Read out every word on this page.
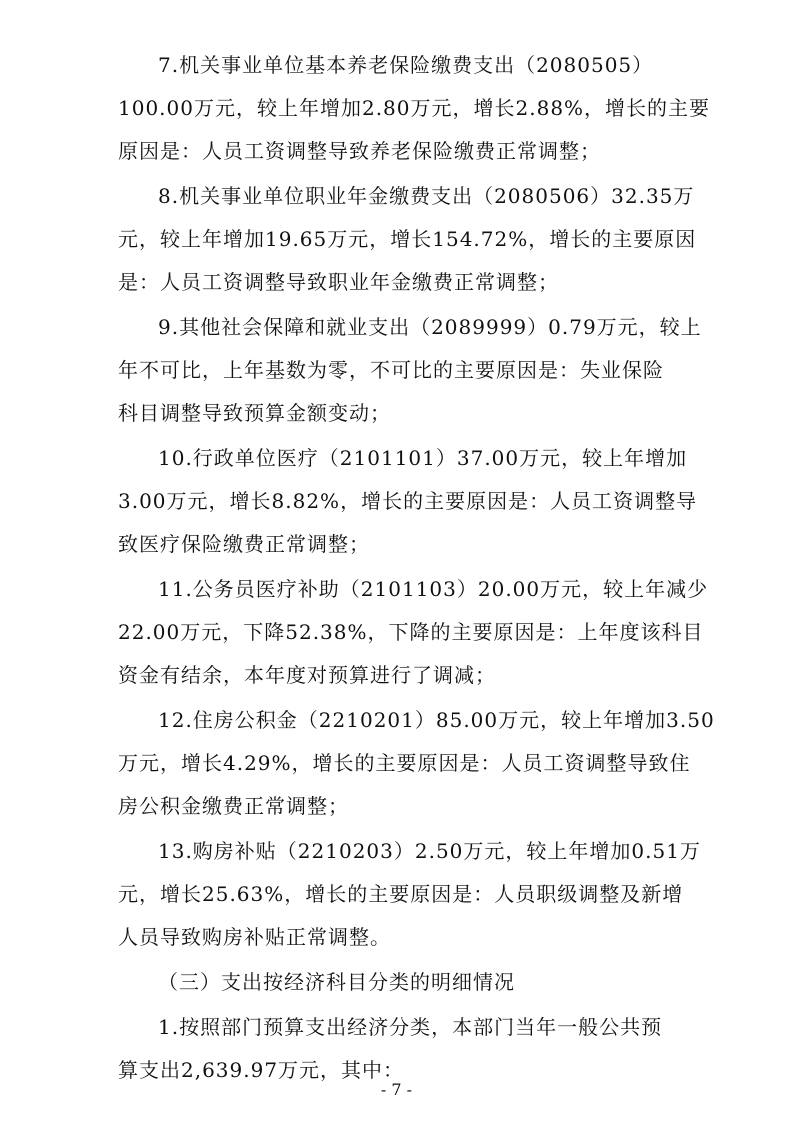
7.机关事业单位基本养老保险缴费支出（2080505）
100.00万元，较上年增加2.80万元，增长2.88%，增长的主要
原因是：人员工资调整导致养老保险缴费正常调整；

8.机关事业单位职业年金缴费支出（2080506）32.35万
元，较上年增加19.65万元，增长154.72%，增长的主要原因
是：人员工资调整导致职业年金缴费正常调整；

9.其他社会保障和就业支出（2089999）0.79万元，较上
年不可比，上年基数为零，不可比的主要原因是：失业保险
科目调整导致预算金额变动；

10.行政单位医疗（2101101）37.00万元，较上年增加
3.00万元，增长8.82%，增长的主要原因是：人员工资调整导
致医疗保险缴费正常调整；

11.公务员医疗补助（2101103）20.00万元，较上年减少
22.00万元，下降52.38%，下降的主要原因是：上年度该科目
资金有结余，本年度对预算进行了调减；

12.住房公积金（2210201）85.00万元，较上年增加3.50
万元，增长4.29%，增长的主要原因是：人员工资调整导致住
房公积金缴费正常调整；

13.购房补贴（2210203）2.50万元，较上年增加0.51万
元，增长25.63%，增长的主要原因是：人员职级调整及新增
人员导致购房补贴正常调整。

（三）支出按经济科目分类的明细情况

1.按照部门预算支出经济分类，本部门当年一般公共预
算支出2,639.97万元，其中：

- 7 -
